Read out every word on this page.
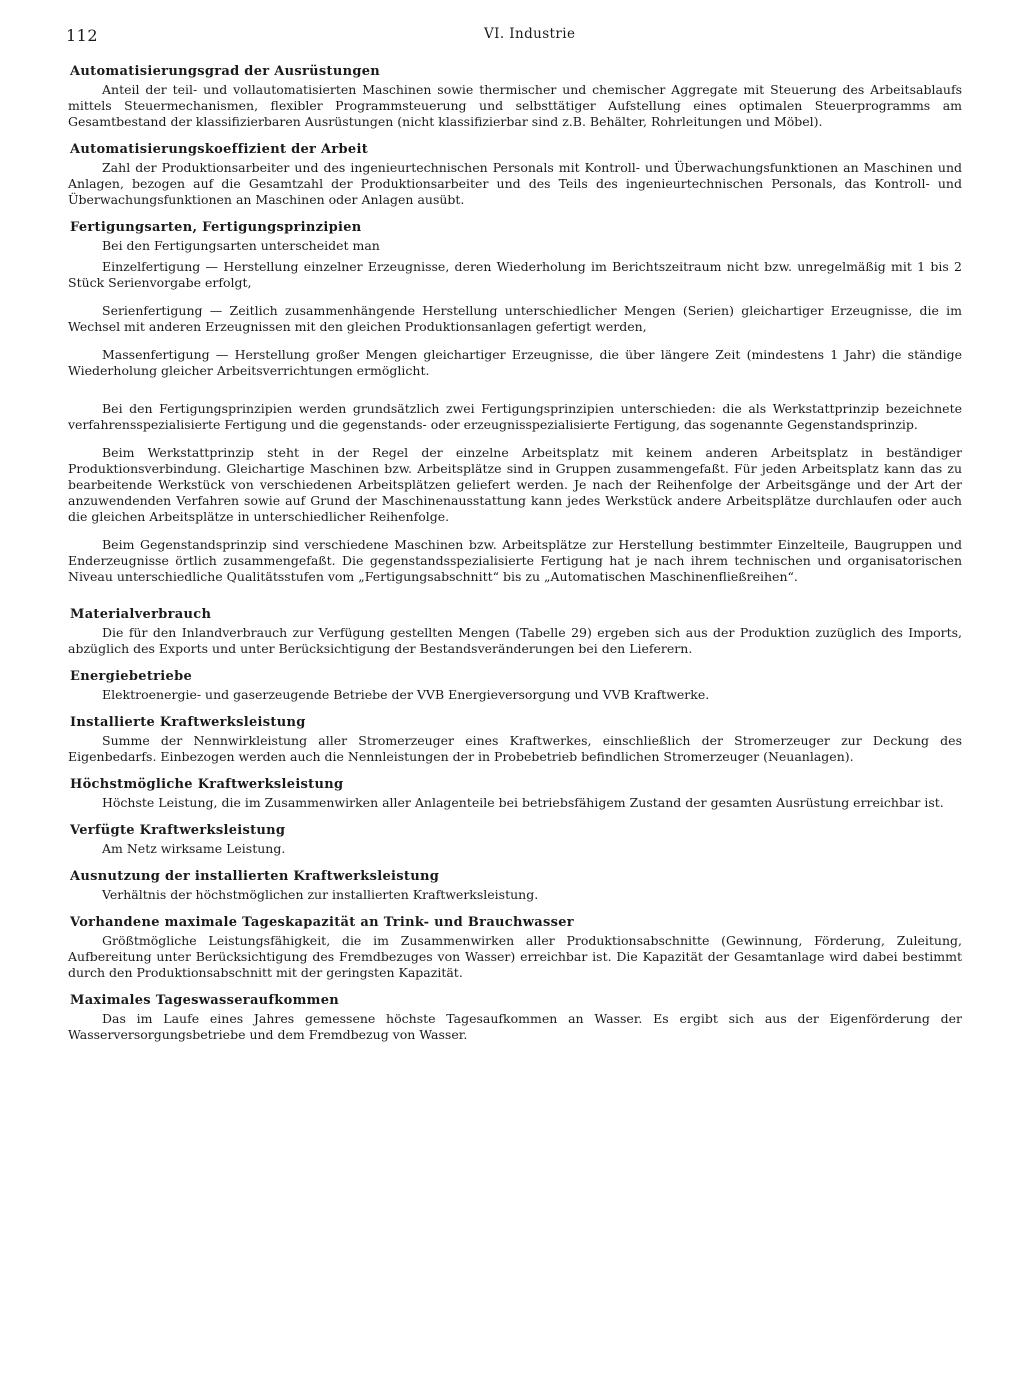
112	VI. Industrie
Automatisierungsgrad der Ausrüstungen

Anteil der teil- und vollautomatisierten Maschinen sowie thermischer und chemischer Aggregate mit Steuerung des Arbeitsablaufs mittels Steuermechanismen, flexibler Programmsteuerung und selbsttätiger Aufstellung eines optimalen Steuerprogramms am Gesamtbestand der klassifizierbaren Ausrüstungen (nicht klassifizierbar sind z.B. Behälter, Rohrleitungen und Möbel).

Automatisierungskoeffizient der Arbeit

Zahl der Produktionsarbeiter und des ingenieurtechnischen Personals mit Kontroll- und Überwachungsfunktionen an Maschinen und Anlagen, bezogen auf die Gesamtzahl der Produktionsarbeiter und des Teils des ingenieurtechnischen Personals, das Kontroll- und Überwachungsfunktionen an Maschinen oder Anlagen ausübt.

Fertigungsarten, Fertigungsprinzipien

Bei den Fertigungsarten unterscheidet man

Einzelfertigung — Herstellung einzelner Erzeugnisse, deren Wiederholung im Berichtszeitraum nicht bzw. unregelmäßig mit 1 bis 2 Stück Serienvorgabe erfolgt,

Serienfertigung — Zeitlich zusammenhängende Herstellung unterschiedlicher Mengen (Serien) gleichartiger Erzeugnisse, die im Wechsel mit anderen Erzeugnissen mit den gleichen Produktionsanlagen gefertigt werden,

Massenfertigung — Herstellung großer Mengen gleichartiger Erzeugnisse, die über längere Zeit (mindestens 1 Jahr) die ständige Wiederholung gleicher Arbeitsverrichtungen ermöglicht.

Bei den Fertigungsprinzipien werden grundsätzlich zwei Fertigungsprinzipien unterschieden: die als Werkstattprinzip bezeichnete verfahrensspezialisierte Fertigung und die gegenstands- oder erzeugnisspezialisierte Fertigung, das sogenannte Gegenstandsprinzip.

Beim Werkstattprinzip steht in der Regel der einzelne Arbeitsplatz mit keinem anderen Arbeitsplatz in beständiger Produktionsverbindung. Gleichartige Maschinen bzw. Arbeitsplätze sind in Gruppen zusammengefaßt. Für jeden Arbeitsplatz kann das zu bearbeitende Werkstück von verschiedenen Arbeitsplätzen geliefert werden. Je nach der Reihenfolge der Arbeitsgänge und der Art der anzuwendenden Verfahren sowie auf Grund der Maschinenausstattung kann jedes Werkstück andere Arbeitsplätze durchlaufen oder auch die gleichen Arbeitsplätze in unterschiedlicher Reihenfolge.

Beim Gegenstandsprinzip sind verschiedene Maschinen bzw. Arbeitsplätze zur Herstellung bestimmter Einzelteile, Baugruppen und Enderzeugnisse örtlich zusammengefaßt. Die gegenstandsspezialisierte Fertigung hat je nach ihrem technischen und organisatorischen Niveau unterschiedliche Qualitätsstufen vom „Fertigungsabschnitt“ bis zu „Automatischen Maschinenfließreihen“.

Materialverbrauch

Die für den Inlandverbrauch zur Verfügung gestellten Mengen (Tabelle 29) ergeben sich aus der Produktion zuzüglich des Imports, abzüglich des Exports und unter Berücksichtigung der Bestandsveränderungen bei den Lieferern.

Energiebetriebe

Elektroenergie- und gaserzeugende Betriebe der VVB Energieversorgung und VVB Kraftwerke.

Installierte Kraftwerksleistung

Summe der Nennwirkleistung aller Stromerzeuger eines Kraftwerkes, einschließlich der Stromerzeuger zur Deckung des Eigenbedarfs. Einbezogen werden auch die Nennleistungen der in Probebetrieb befindlichen Stromerzeuger (Neuanlagen).

Höchstmögliche Kraftwerksleistung

Höchste Leistung, die im Zusammenwirken aller Anlagenteile bei betriebsfähigem Zustand der gesamten Ausrüstung erreichbar ist.

Verfügte Kraftwerksleistung

Am Netz wirksame Leistung.

Ausnutzung der installierten Kraftwerksleistung

Verhältnis der höchstmöglichen zur installierten Kraftwerksleistung.

Vorhandene maximale Tageskapazität an Trink- und Brauchwasser

Größtmögliche Leistungsfähigkeit, die im Zusammenwirken aller Produktionsabschnitte (Gewinnung, Förderung, Zuleitung, Aufbereitung unter Berücksichtigung des Fremdbezuges von Wasser) erreichbar ist. Die Kapazität der Gesamtanlage wird dabei bestimmt durch den Produktionsabschnitt mit der geringsten Kapazität.

Maximales Tageswasseraufkommen

Das im Laufe eines Jahres gemessene höchste Tagesaufkommen an Wasser. Es ergibt sich aus der Eigenförderung der Wasserversorgungsbetriebe und dem Fremdbezug von Wasser.
